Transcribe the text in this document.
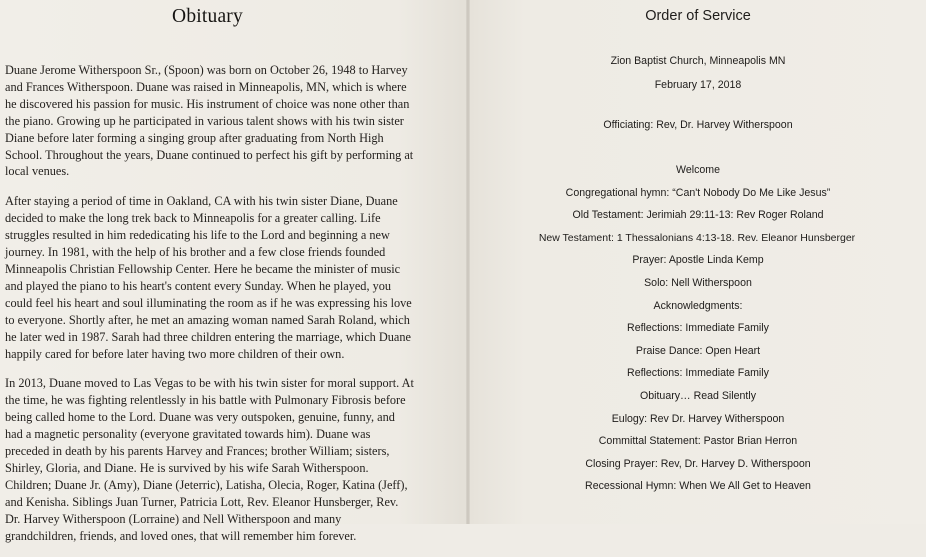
Obituary

Duane Jerome Witherspoon Sr., (Spoon) was born on October 26, 1948 to Harvey and Frances Witherspoon. Duane was raised in Minneapolis, MN, which is where he discovered his passion for music. His instrument of choice was none other than the piano. Growing up he participated in various talent shows with his twin sister Diane before later forming a singing group after graduating from North High School. Throughout the years, Duane continued to perfect his gift by performing at local venues.

After staying a period of time in Oakland, CA with his twin sister Diane, Duane decided to make the long trek back to Minneapolis for a greater calling. Life struggles resulted in him rededicating his life to the Lord and beginning a new journey. In 1981, with the help of his brother and a few close friends founded Minneapolis Christian Fellowship Center. Here he became the minister of music and played the piano to his heart's content every Sunday. When he played, you could feel his heart and soul illuminating the room as if he was expressing his love to everyone. Shortly after, he met an amazing woman named Sarah Roland, which he later wed in 1987. Sarah had three children entering the marriage, which Duane happily cared for before later having two more children of their own.

In 2013, Duane moved to Las Vegas to be with his twin sister for moral support. At the time, he was fighting relentlessly in his battle with Pulmonary Fibrosis before being called home to the Lord. Duane was very outspoken, genuine, funny, and had a magnetic personality (everyone gravitated towards him). Duane was preceded in death by his parents Harvey and Frances; brother William; sisters, Shirley, Gloria, and Diane. He is survived by his wife Sarah Witherspoon. Children; Duane Jr. (Amy), Diane (Jeterric), Latisha, Olecia, Roger, Katina (Jeff), and Kenisha. Siblings Juan Turner, Patricia Lott, Rev. Eleanor Hunsberger, Rev. Dr. Harvey Witherspoon (Lorraine) and Nell Witherspoon and many grandchildren, friends, and loved ones, that will remember him forever.

Order of Service
Zion Baptist Church, Minneapolis MN
February 17, 2018
Officiating: Rev, Dr. Harvey Witherspoon
Welcome
Congregational hymn: “Can't Nobody Do Me Like Jesus”
Old Testament: Jerimiah 29:11-13: Rev Roger Roland
New Testament: 1 Thessalonians 4:13-18. Rev. Eleanor Hunsberger
Prayer: Apostle Linda Kemp
Solo: Nell Witherspoon
Acknowledgments:
Reflections: Immediate Family
Praise Dance: Open Heart
Reflections: Immediate Family
Obituary… Read Silently
Eulogy: Rev Dr. Harvey Witherspoon
Committal Statement: Pastor Brian Herron
Closing Prayer: Rev, Dr. Harvey D. Witherspoon
Recessional Hymn: When We All Get to Heaven
